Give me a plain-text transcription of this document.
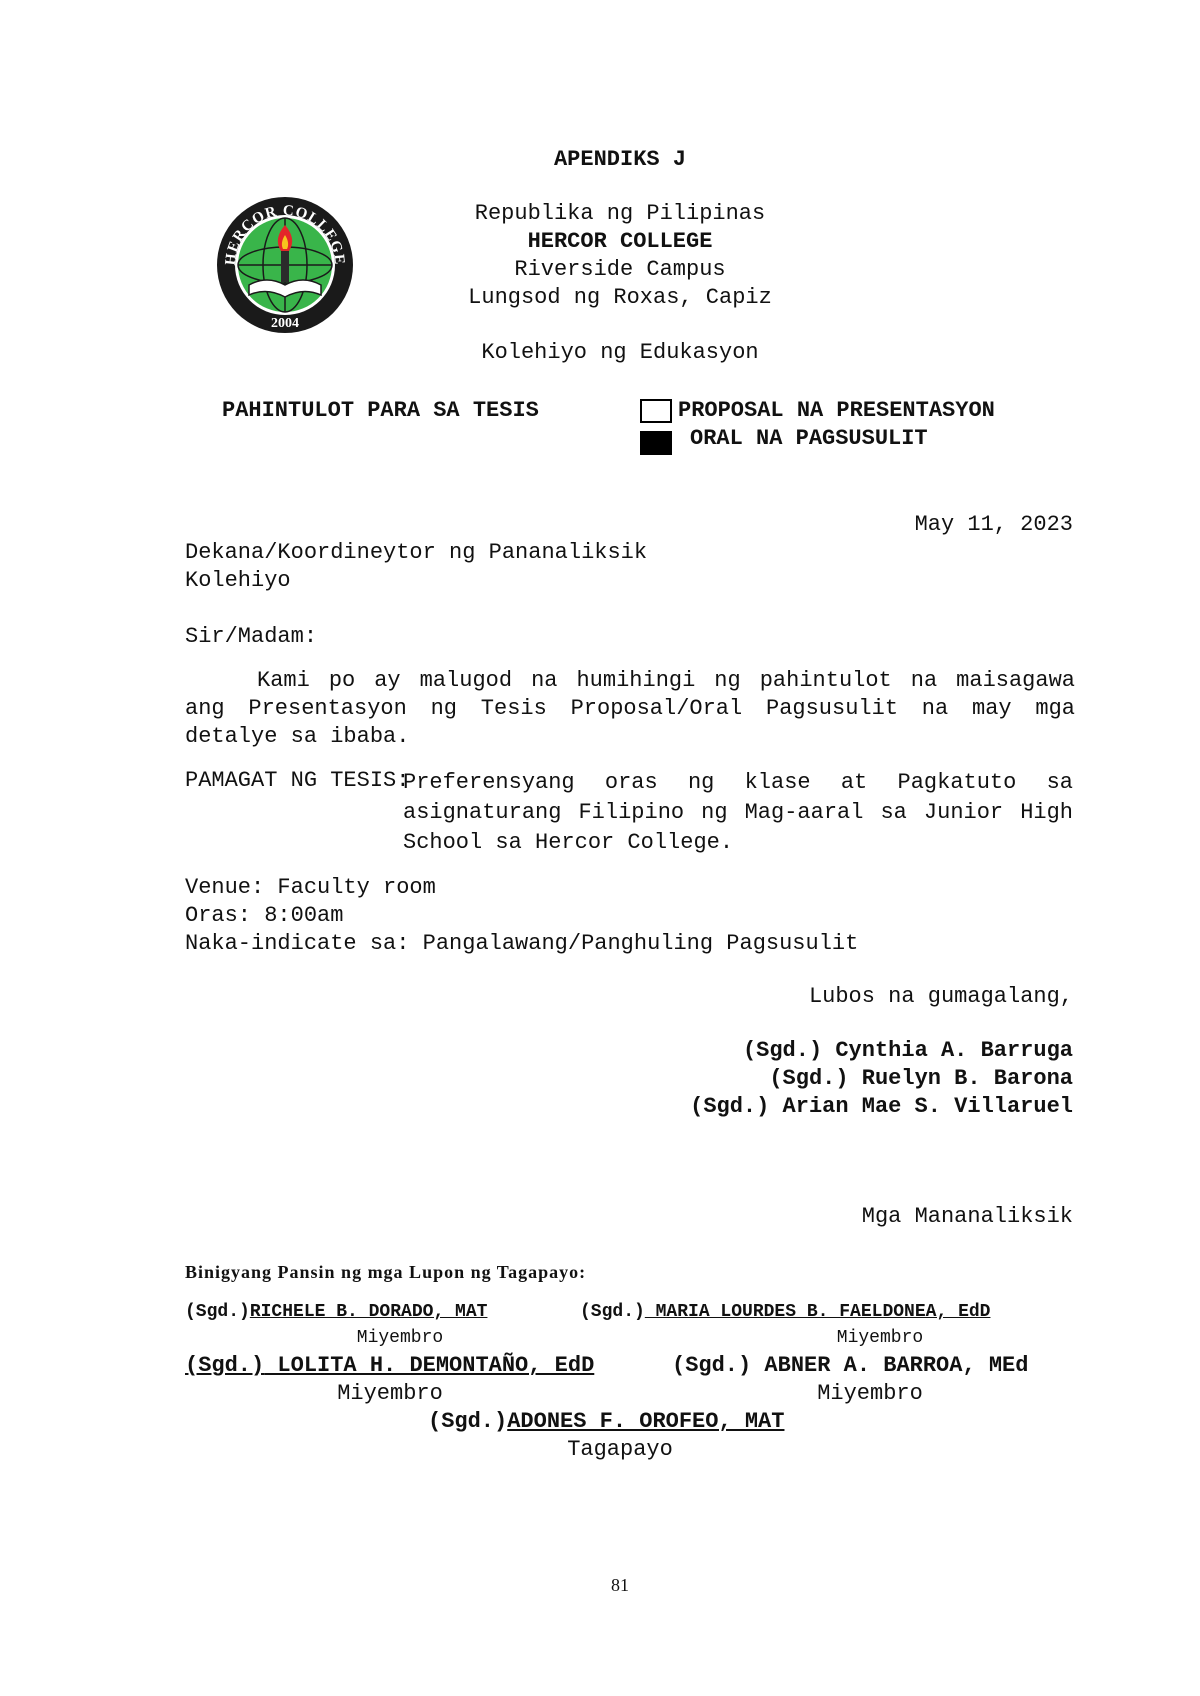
APENDIKS J
HERCOR COLLEGE
2004
Republika ng Pilipinas
HERCOR COLLEGE
Riverside Campus
Lungsod ng Roxas, Capiz
Kolehiyo ng Edukasyon
PAHINTULOT PARA SA TESIS	PROPOSAL NA PRESENTASYON
ORAL NA PAGSUSULIT
May 11, 2023
Dekana/Koordineytor ng Pananaliksik
Kolehiyo
Sir/Madam:
Kami po ay malugod na humihingi ng pahintulot na maisagawa ang Presentasyon ng Tesis Proposal/Oral Pagsusulit na may mga detalye sa ibaba.
PAMAGAT NG TESIS:
Preferensyang oras ng klase at Pagkatuto sa asignaturang Filipino ng Mag-aaral sa Junior High School sa Hercor College.
Venue: Faculty room
Oras: 8:00am
Naka-indicate sa: Pangalawang/Panghuling Pagsusulit
Lubos na gumagalang,
(Sgd.) Cynthia A. Barruga
(Sgd.) Ruelyn B. Barona
(Sgd.) Arian Mae S. Villaruel
Mga Mananaliksik
Binigyang Pansin ng mga Lupon ng Tagapayo:
(Sgd.)RICHELE B. DORADO, MAT	(Sgd.) MARIA LOURDES B. FAELDONEA, EdD
Miyembro	Miyembro
(Sgd.) LOLITA H. DEMONTAÑO, EdD	(Sgd.) ABNER A. BARROA, MEd
Miyembro	Miyembro
(Sgd.)ADONES F. OROFEO, MAT
Tagapayo
81
